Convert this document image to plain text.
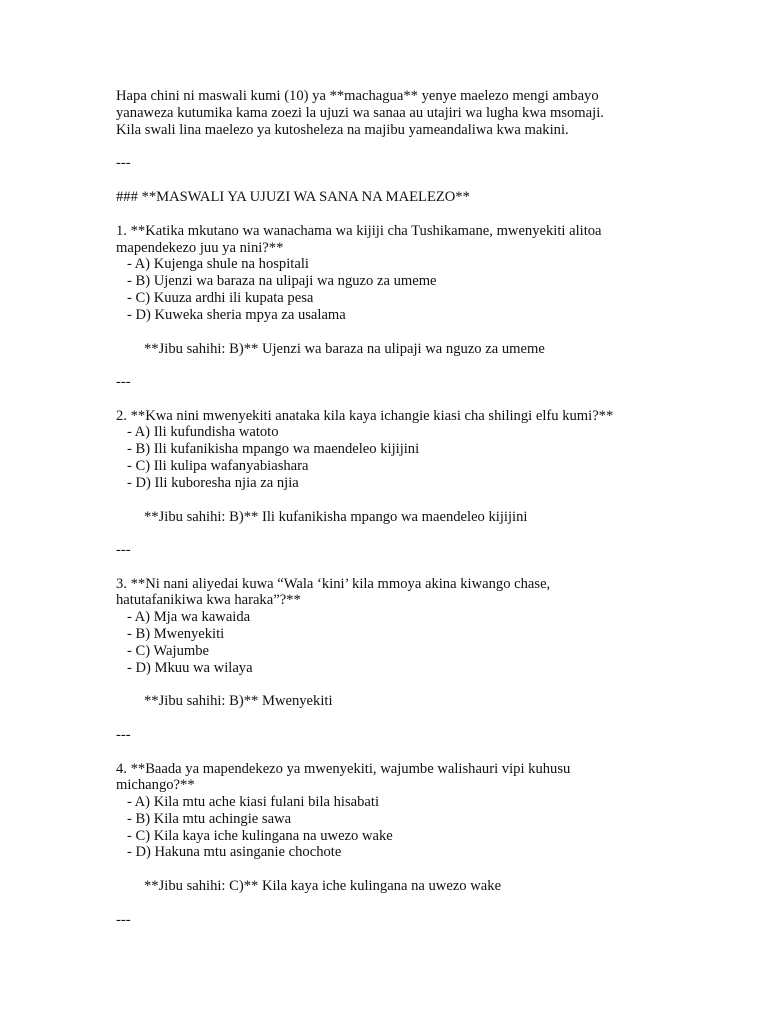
Hapa chini ni maswali kumi (10) ya **machagua** yenye maelezo mengi ambayo
yanaweza kutumika kama zoezi la ujuzi wa sanaa au utajiri wa lugha kwa msomaji.
Kila swali lina maelezo ya kutosheleza na majibu yameandaliwa kwa makini.
---
### **MASWALI YA UJUZI WA SANA NA MAELEZO**
1. **Katika mkutano wa wanachama wa kijiji cha Tushikamane, mwenyekiti alitoa
mapendekezo juu ya nini?**
- A) Kujenga shule na hospitali
- B) Ujenzi wa baraza na ulipaji wa nguzo za umeme
- C) Kuuza ardhi ili kupata pesa
- D) Kuweka sheria mpya za usalama
**Jibu sahihi: B)** Ujenzi wa baraza na ulipaji wa nguzo za umeme
---
2. **Kwa nini mwenyekiti anataka kila kaya ichangie kiasi cha shilingi elfu kumi?**
- A) Ili kufundisha watoto
- B) Ili kufanikisha mpango wa maendeleo kijijini
- C) Ili kulipa wafanyabiashara
- D) Ili kuboresha njia za njia
**Jibu sahihi: B)** Ili kufanikisha mpango wa maendeleo kijijini
---
3. **Ni nani aliyedai kuwa “Wala ‘kini’ kila mmoya akina kiwango chase,
hatutafanikiwa kwa haraka”?**
- A) Mja wa kawaida
- B) Mwenyekiti
- C) Wajumbe
- D) Mkuu wa wilaya
**Jibu sahihi: B)** Mwenyekiti
---
4. **Baada ya mapendekezo ya mwenyekiti, wajumbe walishauri vipi kuhusu
michango?**
- A) Kila mtu ache kiasi fulani bila hisabati
- B) Kila mtu achingie sawa
- C) Kila kaya iche kulingana na uwezo wake
- D) Hakuna mtu asinganie chochote
**Jibu sahihi: C)** Kila kaya iche kulingana na uwezo wake
---
